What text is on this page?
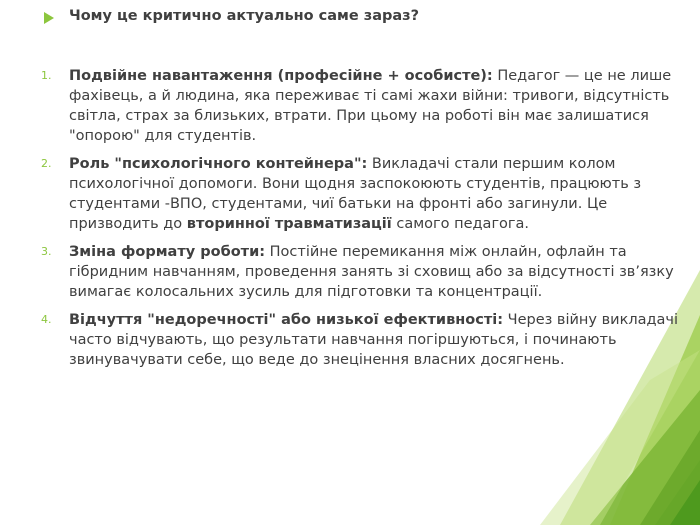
Чому це критично актуально саме зараз?
1.	Подвійне навантаження (професійне + особисте): Педагог — це не лише фахівець, а й людина, яка переживає ті самі жахи війни: тривоги, відсутність світла, страх за близьких, втрати. При цьому на роботі він має залишатися "опорою" для студентів.
2.	Роль "психологічного контейнера": Викладачі стали першим колом психологічної допомоги. Вони щодня заспокоюють студентів, працюють з студентами -ВПО, студентами, чиї батьки на фронті або загинули. Це призводить до вторинної травматизації самого педагога.
3.	Зміна формату роботи: Постійне перемикання між онлайн, офлайн та гібридним навчанням, проведення занять зі сховищ або за відсутності зв’язку вимагає колосальних зусиль для підготовки та концентрації.
4.	Відчуття "недоречності" або низької ефективності: Через війну викладачі часто відчувають, що результати навчання погіршуються, і починають звинувачувати себе, що веде до знецінення власних досягнень.
